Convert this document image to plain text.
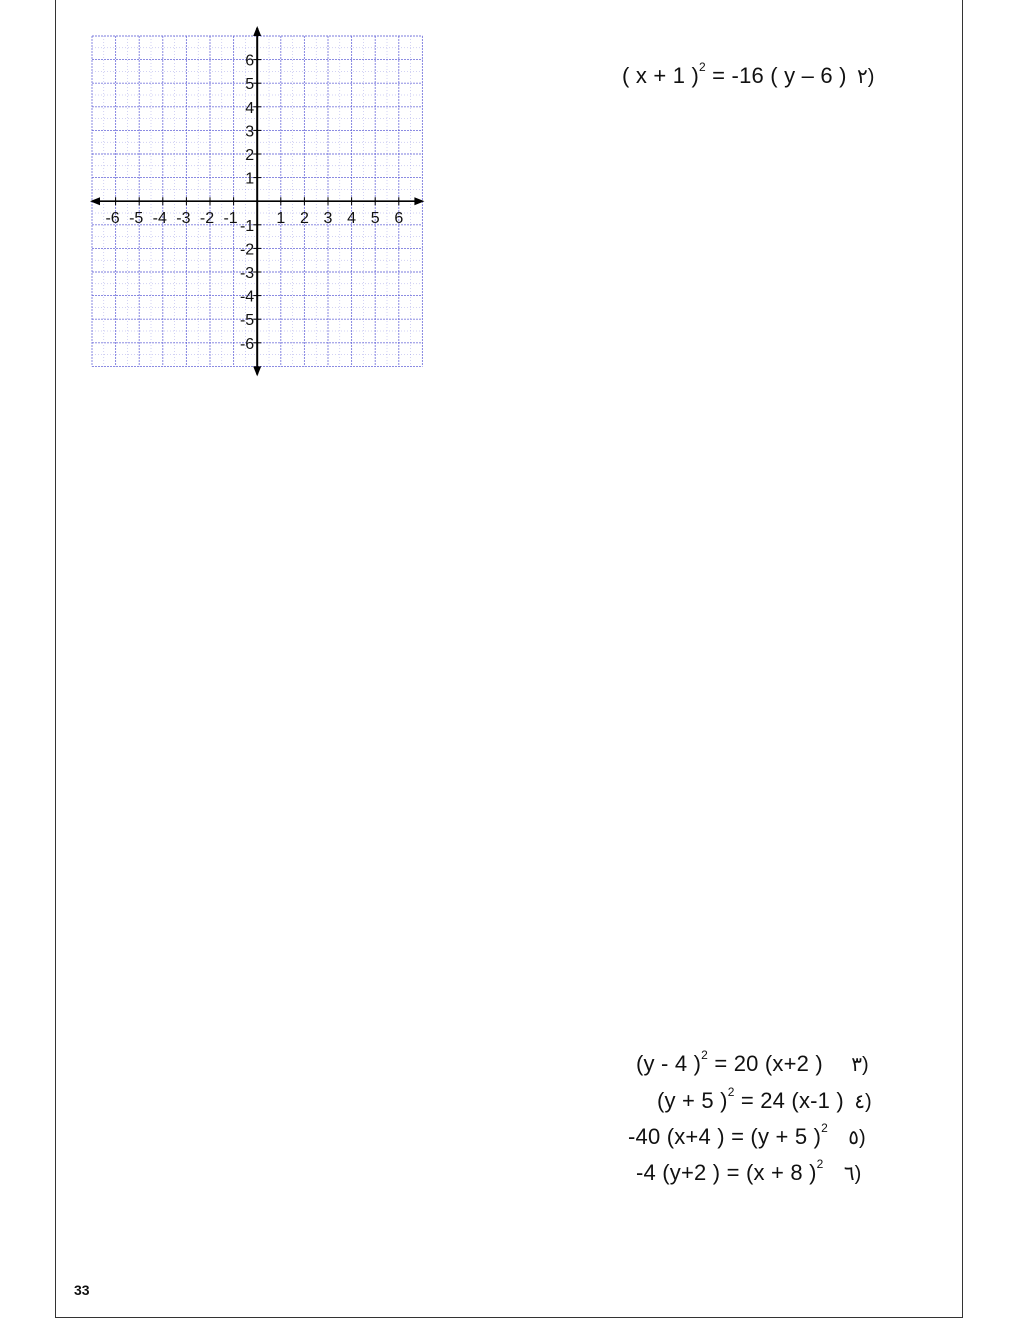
-6 -5 -4 -3 -2 -1 1 2 3 4 5 6
6
5
4
3
2
1
-1
-2
-3
-4
-5
-6
( x + 1 )$^2$ = -16 ( y – 6 ) ٢)
(y - 4 )$^2$ = 20 (x+2 ) ٣)
(y + 5 )$^2$ = 24 (x-1 ) ٤)
-40 (x+4 ) = (y + 5 )$^2$ ٥)
-4 (y+2 ) = (x + 8 )$^2$ ٦)
33
